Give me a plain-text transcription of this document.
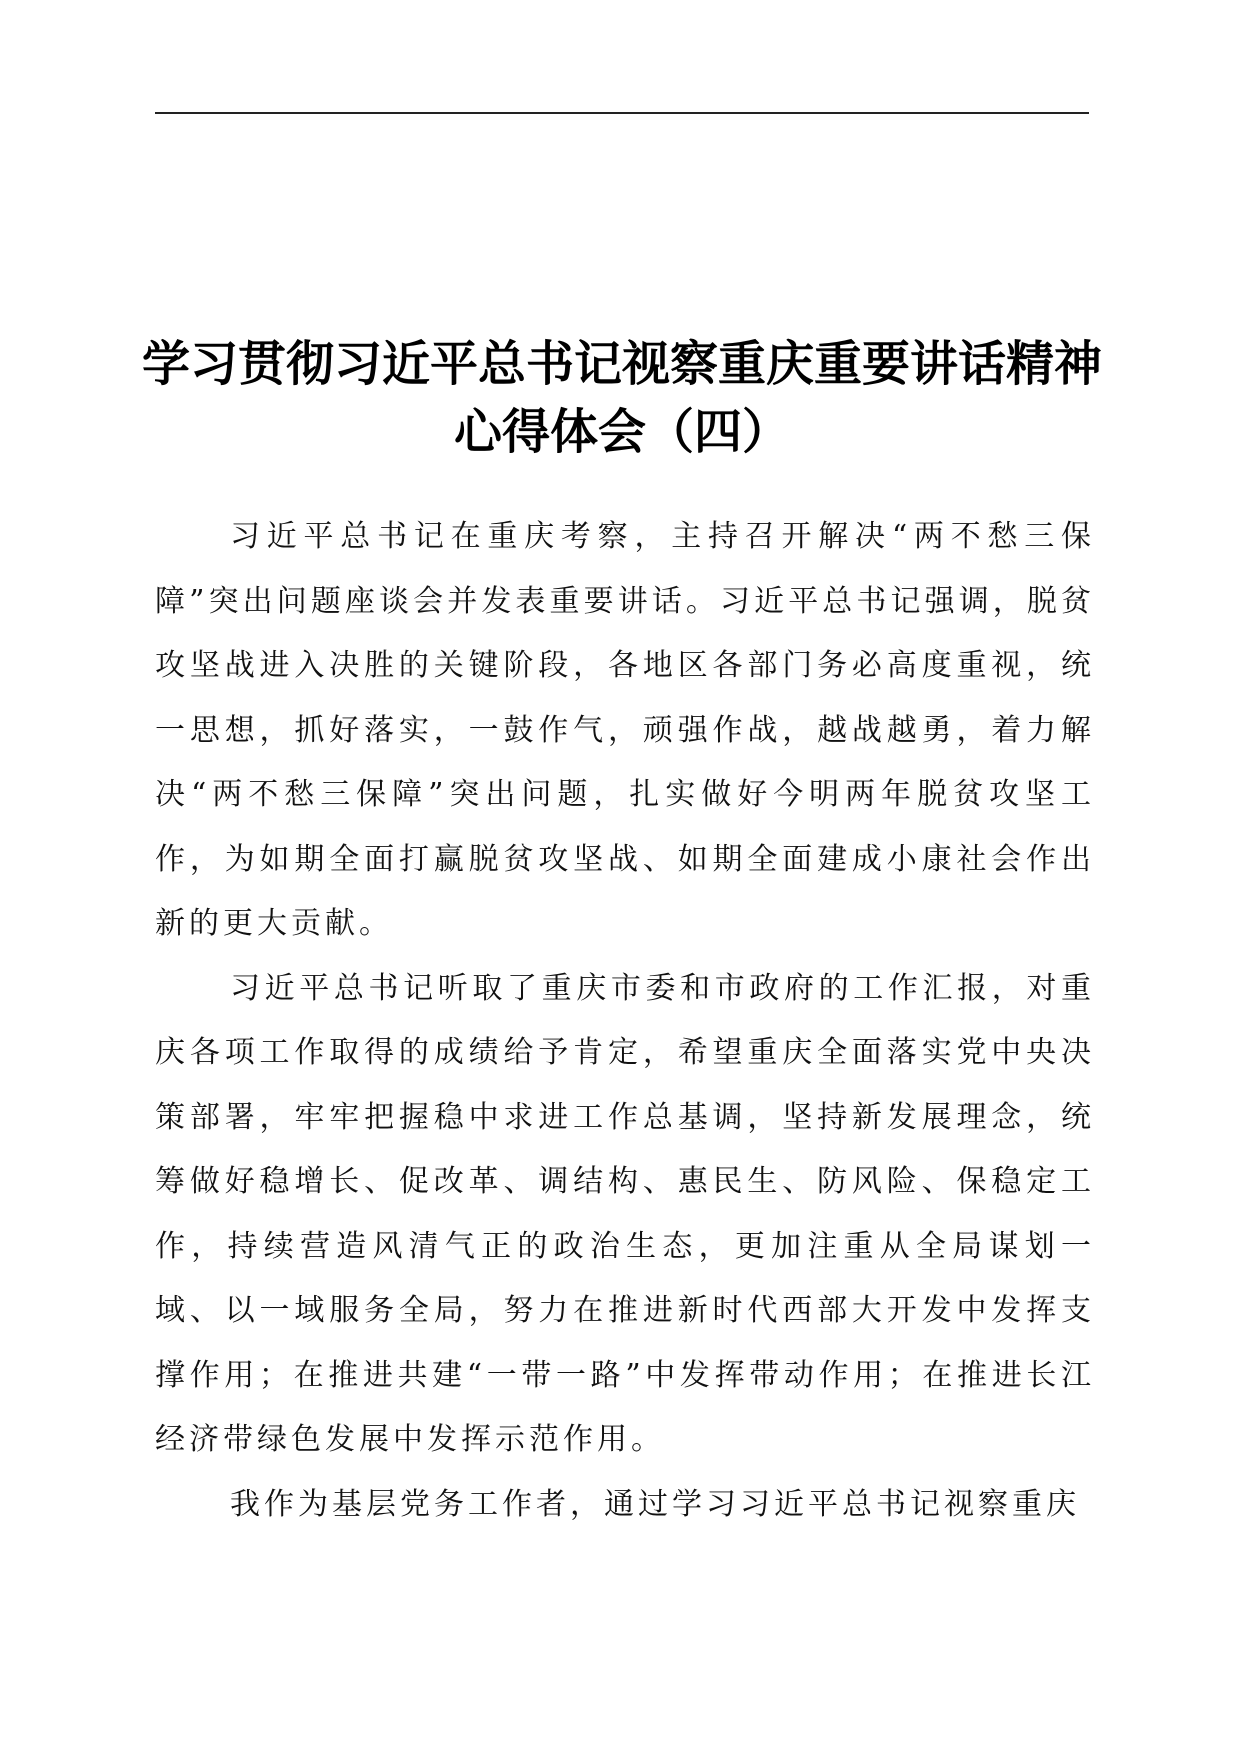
学习贯彻习近平总书记视察重庆重要讲话精神
心得体会（四）

习近平总书记在重庆考察，主持召开解决“两不愁三保障”突出问题座谈会并发表重要讲话。习近平总书记强调，脱贫攻坚战进入决胜的关键阶段，各地区各部门务必高度重视，统一思想，抓好落实，一鼓作气，顽强作战，越战越勇，着力解决“两不愁三保障”突出问题，扎实做好今明两年脱贫攻坚工作，为如期全面打赢脱贫攻坚战、如期全面建成小康社会作出新的更大贡献。

习近平总书记听取了重庆市委和市政府的工作汇报，对重庆各项工作取得的成绩给予肯定，希望重庆全面落实党中央决策部署，牢牢把握稳中求进工作总基调，坚持新发展理念，统筹做好稳增长、促改革、调结构、惠民生、防风险、保稳定工作，持续营造风清气正的政治生态，更加注重从全局谋划一域、以一域服务全局，努力在推进新时代西部大开发中发挥支撑作用；在推进共建“一带一路”中发挥带动作用；在推进长江经济带绿色发展中发挥示范作用。

我作为基层党务工作者，通过学习习近平总书记视察重庆
